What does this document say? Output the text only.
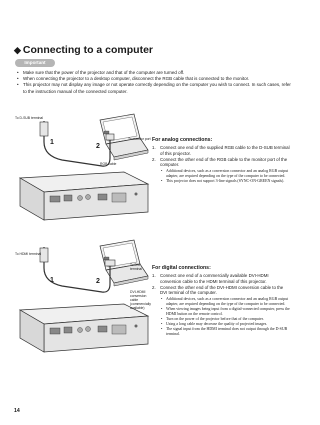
◆ Connecting to a computer
Important
• Make sure that the power of the projector and that of the computer are turned off.
• When connecting the projector to a desktop computer, disconnect the RGB cable that is connected to the monitor.
• This projector may not display any image or not operate correctly depending on the computer you wish to connect. In such cases, refer to the instruction manual of the connected computer.
To D-SUB terminal
To monitor port
RGB cable
1
2
For analog connections:
1. Connect one end of the supplied RGB cable to the D-SUB terminal of this projector.
2. Connect the other end of the RGB cable to the monitor port of the computer.
• Additional devices, such as a conversion connector and an analog RGB output adapter, are required depending on the type of the computer to be connected.
• This projector does not support 3-line signals (SYNC-ON-GREEN signals).
To HDMI terminal
To DVI terminal
DVI-HDMI conversion cable (commercially available)
1	2
For digital connections:
1. Connect one end of a commercially available DVI-HDMI conversion cable to the HDMI terminal of this projector.
2. Connect the other end of the DVI-HDMI conversion cable to the DVI terminal of the computer.
• Additional devices, such as a conversion connector and an analog RGB output adapter, are required depending on the type of the computer to be connected.
• When viewing images being input from a digital-connected computer, press the HDMI button on the remote control.
• Turn on the power of the projector before that of the computer.
• Using a long cable may decrease the quality of projected images.
• The signal input from the HDMI terminal does not output through the D-SUB terminal.
14
